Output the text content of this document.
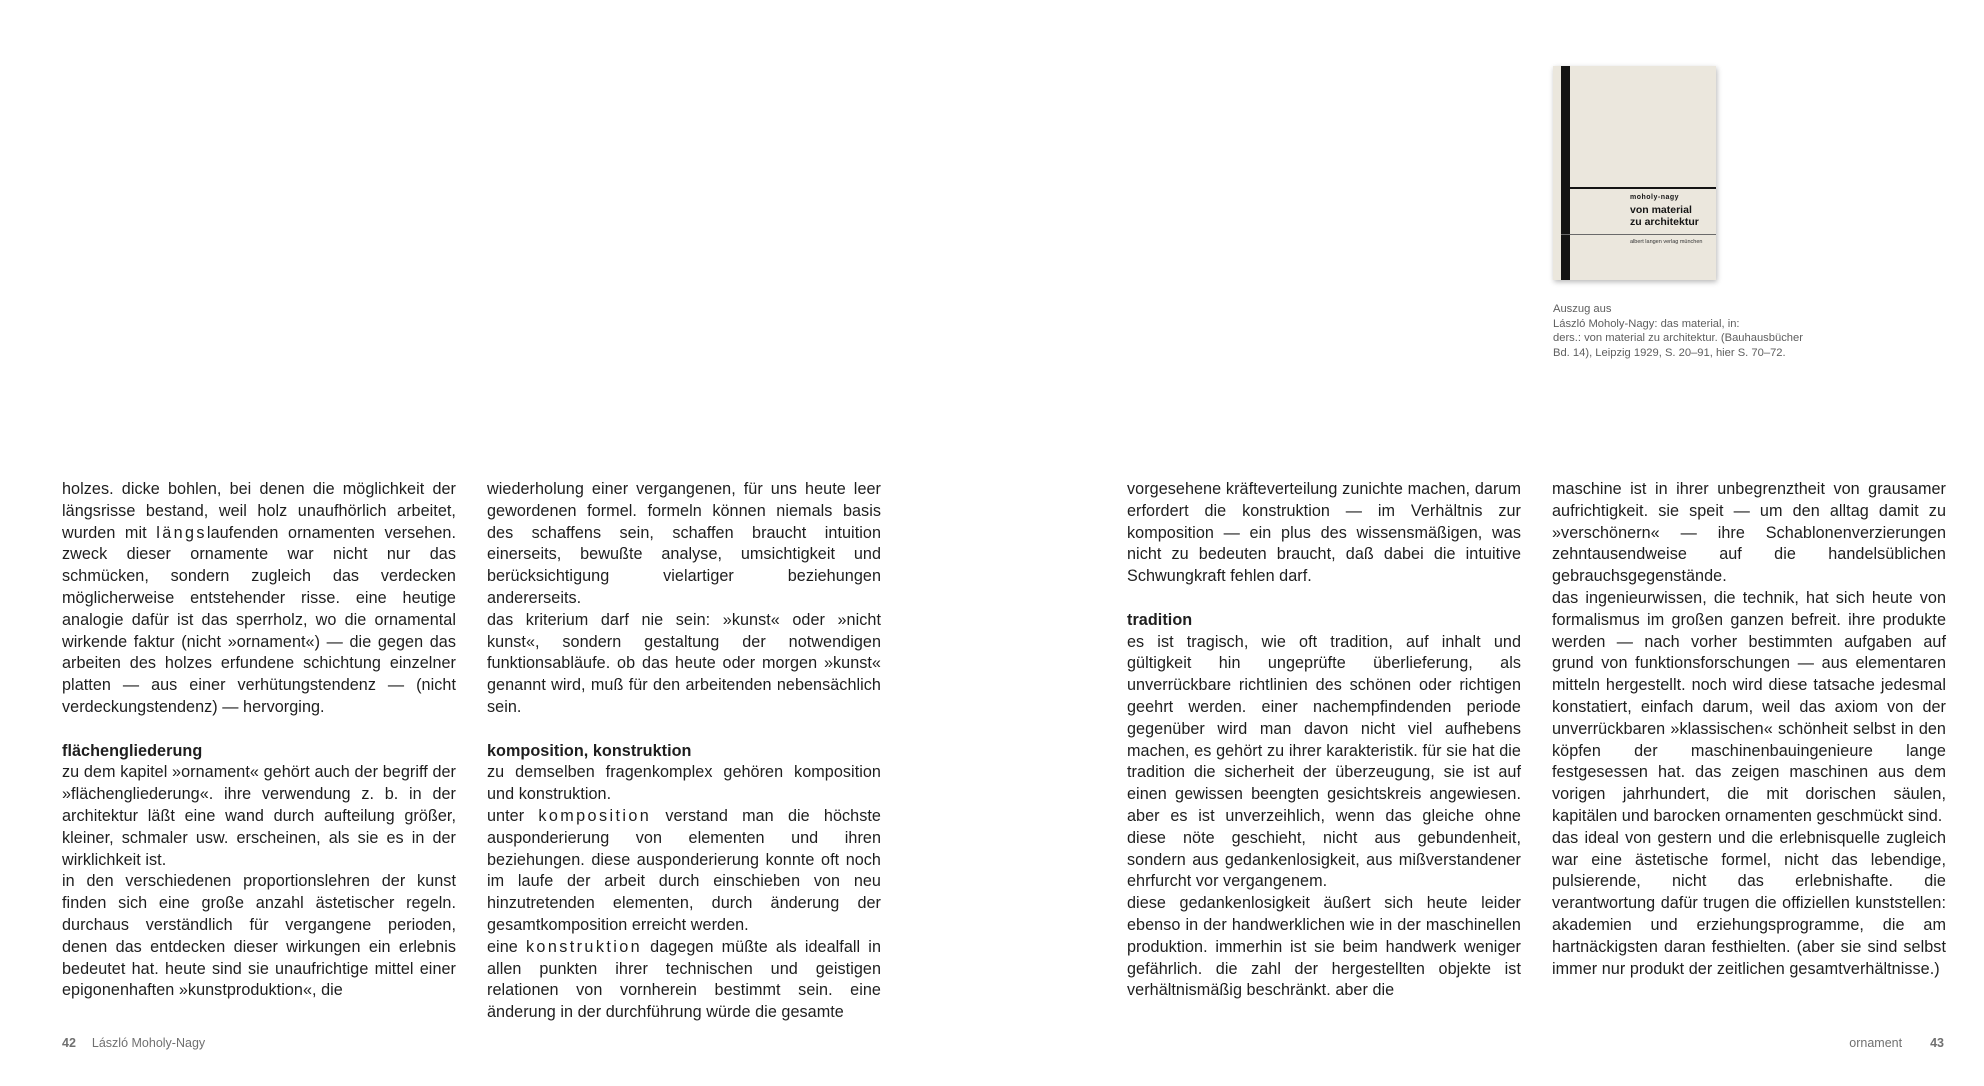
moholy-nagy
von material
zu architektur
albert langen verlag münchen
Auszug aus
László Moholy-Nagy: das material, in:
ders.: von material zu architektur. (Bauhausbücher
Bd. 14), Leipzig 1929, S. 20–91, hier S. 70–72.

holzes. dicke bohlen, bei denen die möglichkeit der längsrisse bestand, weil holz unaufhörlich arbeitet, wurden mit längslaufenden ornamenten versehen. zweck dieser ornamente war nicht nur das schmücken, sondern zugleich das verdecken möglicherweise entstehender risse. eine heutige analogie dafür ist das sperrholz, wo die ornamental wirkende faktur (nicht »ornament«) — die gegen das arbeiten des holzes erfundene schichtung einzelner platten — aus einer verhütungstendenz — (nicht verdeckungstendenz) — hervorging.

flächengliederung

zu dem kapitel »ornament« gehört auch der begriff der »flächengliederung«. ihre verwendung z. b. in der architektur läßt eine wand durch aufteilung größer, kleiner, schmaler usw. erscheinen, als sie es in der wirklichkeit ist.

in den verschiedenen proportionslehren der kunst finden sich eine große anzahl ästetischer regeln. durchaus verständlich für vergangene perioden, denen das entdecken dieser wirkungen ein erlebnis bedeutet hat. heute sind sie unaufrichtige mittel einer epigonenhaften »kunstproduktion«, die

wiederholung einer vergangenen, für uns heute leer gewordenen formel. formeln können niemals basis des schaffens sein, schaffen braucht intuition einerseits, bewußte analyse, umsichtigkeit und berücksichtigung vielartiger beziehungen andererseits.

das kriterium darf nie sein: »kunst« oder »nicht kunst«, sondern gestaltung der notwendigen funktionsabläufe. ob das heute oder morgen »kunst« genannt wird, muß für den arbeitenden nebensächlich sein.

komposition, konstruktion

zu demselben fragenkomplex gehören komposition und konstruktion.

unter komposition verstand man die höchste ausponderierung von elementen und ihren beziehungen. diese ausponderierung konnte oft noch im laufe der arbeit durch einschieben von neu hinzutretenden elementen, durch änderung der gesamtkomposition erreicht werden.

eine konstruktion dagegen müßte als idealfall in allen punkten ihrer technischen und geistigen relationen von vornherein bestimmt sein. eine änderung in der durchführung würde die gesamte

vorgesehene kräfteverteilung zunichte machen, darum erfordert die konstruktion — im Verhältnis zur komposition — ein plus des wissensmäßigen, was nicht zu bedeuten braucht, daß dabei die intuitive Schwungkraft fehlen darf.

tradition

es ist tragisch, wie oft tradition, auf inhalt und gültigkeit hin ungeprüfte überlieferung, als unverrückbare richtlinien des schönen oder richtigen geehrt werden. einer nachempfindenden periode gegenüber wird man davon nicht viel aufhebens machen, es gehört zu ihrer karakteristik. für sie hat die tradition die sicherheit der überzeugung, sie ist auf einen gewissen beengten gesichtskreis angewiesen. aber es ist unverzeihlich, wenn das gleiche ohne diese nöte geschieht, nicht aus gebundenheit, sondern aus gedankenlosigkeit, aus mißverstandener ehrfurcht vor vergangenem.

diese gedankenlosigkeit äußert sich heute leider ebenso in der handwerklichen wie in der maschinellen produktion. immerhin ist sie beim handwerk weniger gefährlich. die zahl der hergestellten objekte ist verhältnismäßig beschränkt. aber die

maschine ist in ihrer unbegrenztheit von grausamer aufrichtigkeit. sie speit — um den alltag damit zu »verschönern« — ihre Schablonenverzierungen zehntausendweise auf die handelsüblichen gebrauchsgegenstände.

das ingenieurwissen, die technik, hat sich heute von formalismus im großen ganzen befreit. ihre produkte werden — nach vorher bestimmten aufgaben auf grund von funktionsforschungen — aus elementaren mitteln hergestellt. noch wird diese tatsache jedesmal konstatiert, einfach darum, weil das axiom von der unverrückbaren »klassischen« schönheit selbst in den köpfen der maschinenbauingenieure lange festgesessen hat. das zeigen maschinen aus dem vorigen jahrhundert, die mit dorischen säulen, kapitälen und barocken ornamenten geschmückt sind.

das ideal von gestern und die erlebnisquelle zugleich war eine ästetische formel, nicht das lebendige, pulsierende, nicht das erlebnishafte. die verantwortung dafür trugen die offiziellen kunststellen: akademien und erziehungsprogramme, die am hartnäckigsten daran festhielten. (aber sie sind selbst immer nur produkt der zeitlichen gesamtverhältnisse.)

42 László Moholy-Nagy	ornament 43
